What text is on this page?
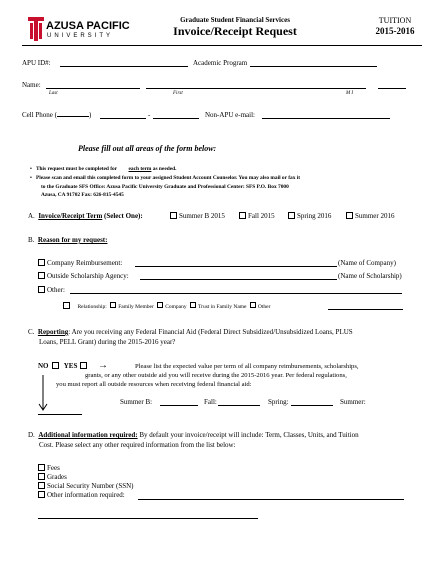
AZUSA PACIFIC
UNIVERSITY
Graduate Student Financial Services
Invoice/Receipt Request
TUITION
2015-2016
APU ID#:	Academic Program
Name:
Last	First	M I
Cell Phone (	)	-	Non-APU e-mail:
Please fill out all areas of the form below:
• This request must be completed for each term as needed.
•   Please scan and email this completed form to your assigned Student Account Counselor. You may also mail or fax it
to the Graduate SFS Office: Azusa Pacific University Graduate and Professional Center: SFS P.O. Box 7000
Azusa, CA 91702 Fax: 626-815-4545
A. Invoice/Receipt Term (Select One):	Summer B 2015	Fall 2015	Spring 2016	Summer 2016
B. Reason for my request:
Company Reimbursement:	(Name of Company)
Outside Scholarship Agency:	(Name of Scholarship)
Other:
Relationship: Family Member Company Trust in Family Name Other
C. Reporting: Are you receiving any Federal Financial Aid (Federal Direct Subsidized/Unsubsidized Loans, PLUS
Loans, PELL Grant) during the 2015-2016 year?
NO YES	→	Please list the expected value per term of all company reimbursements, scholarships,
grants, or any other outside aid you will receive during the 2015-2016 year. Per federal regulations,
you must report all outside resources when receiving federal financial aid:
Summer B:	Fall:	Spring:	Summer:
D. Additional information required: By default your invoice/receipt will include: Term, Classes, Units, and Tuition
Cost. Please select any other required information from the list below:
Fees
Grades
Social Security Number (SSN)
Other information required:
